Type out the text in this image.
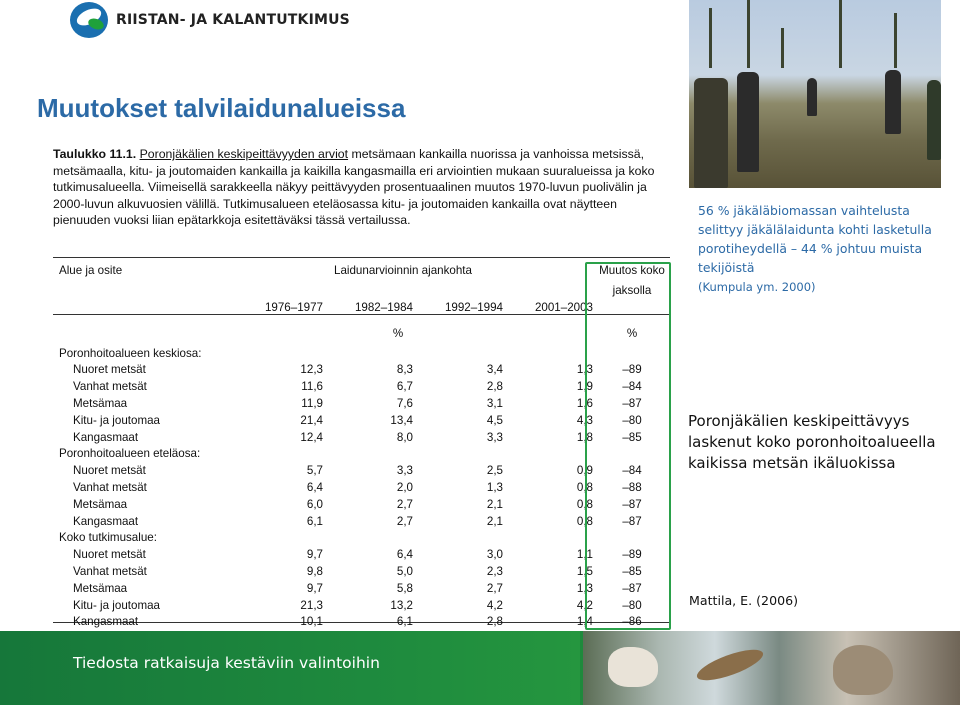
RIISTAN- JA KALANTUTKIMUS
Muutokset talvilaidunalueissa
Taulukko 11.1. Poronjäkälien keskipeittävyyden arviot metsämaan kankailla nuorissa ja vanhoissa metsissä, metsämaalla, kitu- ja joutomaiden kankailla ja kaikilla kangasmailla eri arviointien mukaan suuralueissa ja koko tutkimusalueella. Viimeisellä sarakkeella näkyy peittävyyden prosentuaalinen muutos 1970-luvun puolivälin ja 2000-luvun alkuvuosien välillä. Tutkimusalueen eteläosassa kitu- ja joutomaiden kankailla ovat näytteen pienuuden vuoksi liian epätarkkoja esitettäväksi tässä vertailussa.
Alue ja osite	Laidunarvioinnin ajankohta				Muutos koko
					jaksolla
	1976–1977	1982–1984	1992–1994	2001–2003	
	%				%
Poronhoitoalueen keskiosa:					
Nuoret metsät	12,3	8,3	3,4	1,3	–89
Vanhat metsät	11,6	6,7	2,8	1,9	–84
Metsämaa	11,9	7,6	3,1	1,6	–87
Kitu- ja joutomaa	21,4	13,4	4,5	4,3	–80
Kangasmaat	12,4	8,0	3,3	1,8	–85
Poronhoitoalueen eteläosa:					
Nuoret metsät	5,7	3,3	2,5	0,9	–84
Vanhat metsät	6,4	2,0	1,3	0,8	–88
Metsämaa	6,0	2,7	2,1	0,8	–87
Kangasmaat	6,1	2,7	2,1	0,8	–87
Koko tutkimusalue:					
Nuoret metsät	9,7	6,4	3,0	1,1	–89
Vanhat metsät	9,8	5,0	2,3	1,5	–85
Metsämaa	9,7	5,8	2,7	1,3	–87
Kitu- ja joutomaa	21,3	13,2	4,2	4,2	–80
Kangasmaat	10,1	6,1	2,8	1,4	–86
56 % jäkäläbiomassan vaihtelusta selittyy jäkälälaidunta kohti lasketulla porotiheydellä – 44 % johtuu muista tekijöistä
(Kumpula ym. 2000)
Poronjäkälien keskipeittävyys laskenut koko poronhoitoalueella kaikissa metsän ikäluokissa
Mattila, E. (2006)
Tiedosta ratkaisuja kestäviin valintoihin
